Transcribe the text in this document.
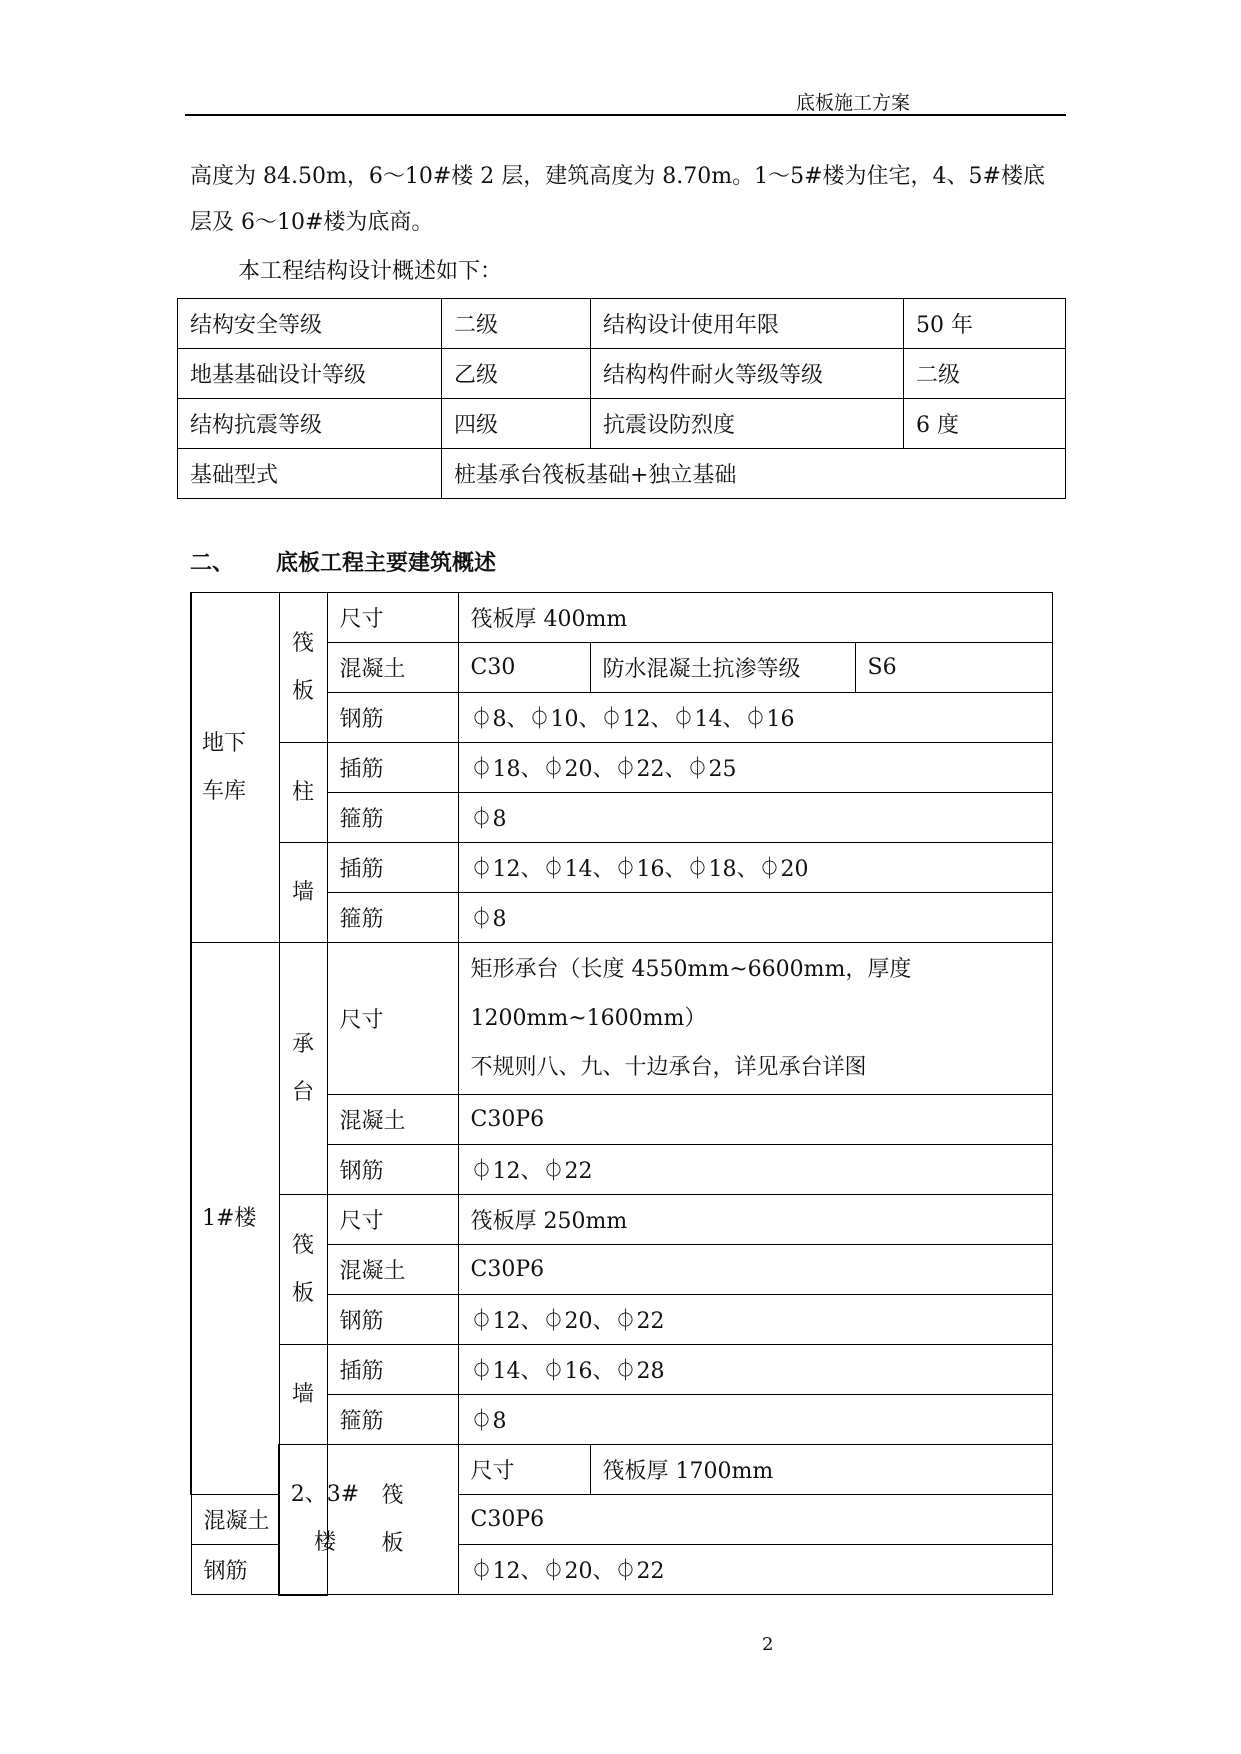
底板施工方案

高度为 84.50m，6～10#楼 2 层，建筑高度为 8.70m。1～5#楼为住宅，4、5#楼底

层及 6～10#楼为底商。

本工程结构设计概述如下：
结构安全等级	二级	结构设计使用年限	50 年
地基基础设计等级	乙级	结构构件耐火等级等级	二级
结构抗震等级	四级	抗震设防烈度	6 度
基础型式	桩基承台筏板基础+独立基础		
二、 底板工程主要建筑概述
地下车库	筏板	尺寸	筏板厚 400mm		
		混凝土	C30	防水混凝土抗渗等级	S6
		钢筋	⏀8、⏀10、⏀12、⏀14、⏀16		
	柱	插筋	⏀18、⏀20、⏀22、⏀25		
		箍筋	⏀8		
	墙	插筋	⏀12、⏀14、⏀16、⏀18、⏀20		
		箍筋	⏀8		
1#楼	承台	尺寸	矩形承台（长度 4550mm~6600mm，厚度
1200mm~1600mm）
不规则八、九、十边承台，详见承台详图		

		混凝土	C30P6		
		钢筋	⏀12、⏀22		
	筏板	尺寸	筏板厚 250mm		
		混凝土	C30P6		
		钢筋	⏀12、⏀20、⏀22		
	墙	插筋	⏀14、⏀16、⏀28		
		箍筋	⏀8		
	2、3#楼	筏板	尺寸	筏板厚 1700mm	
混凝土			C30P6		
钢筋			⏀12、⏀20、⏀22		
2
